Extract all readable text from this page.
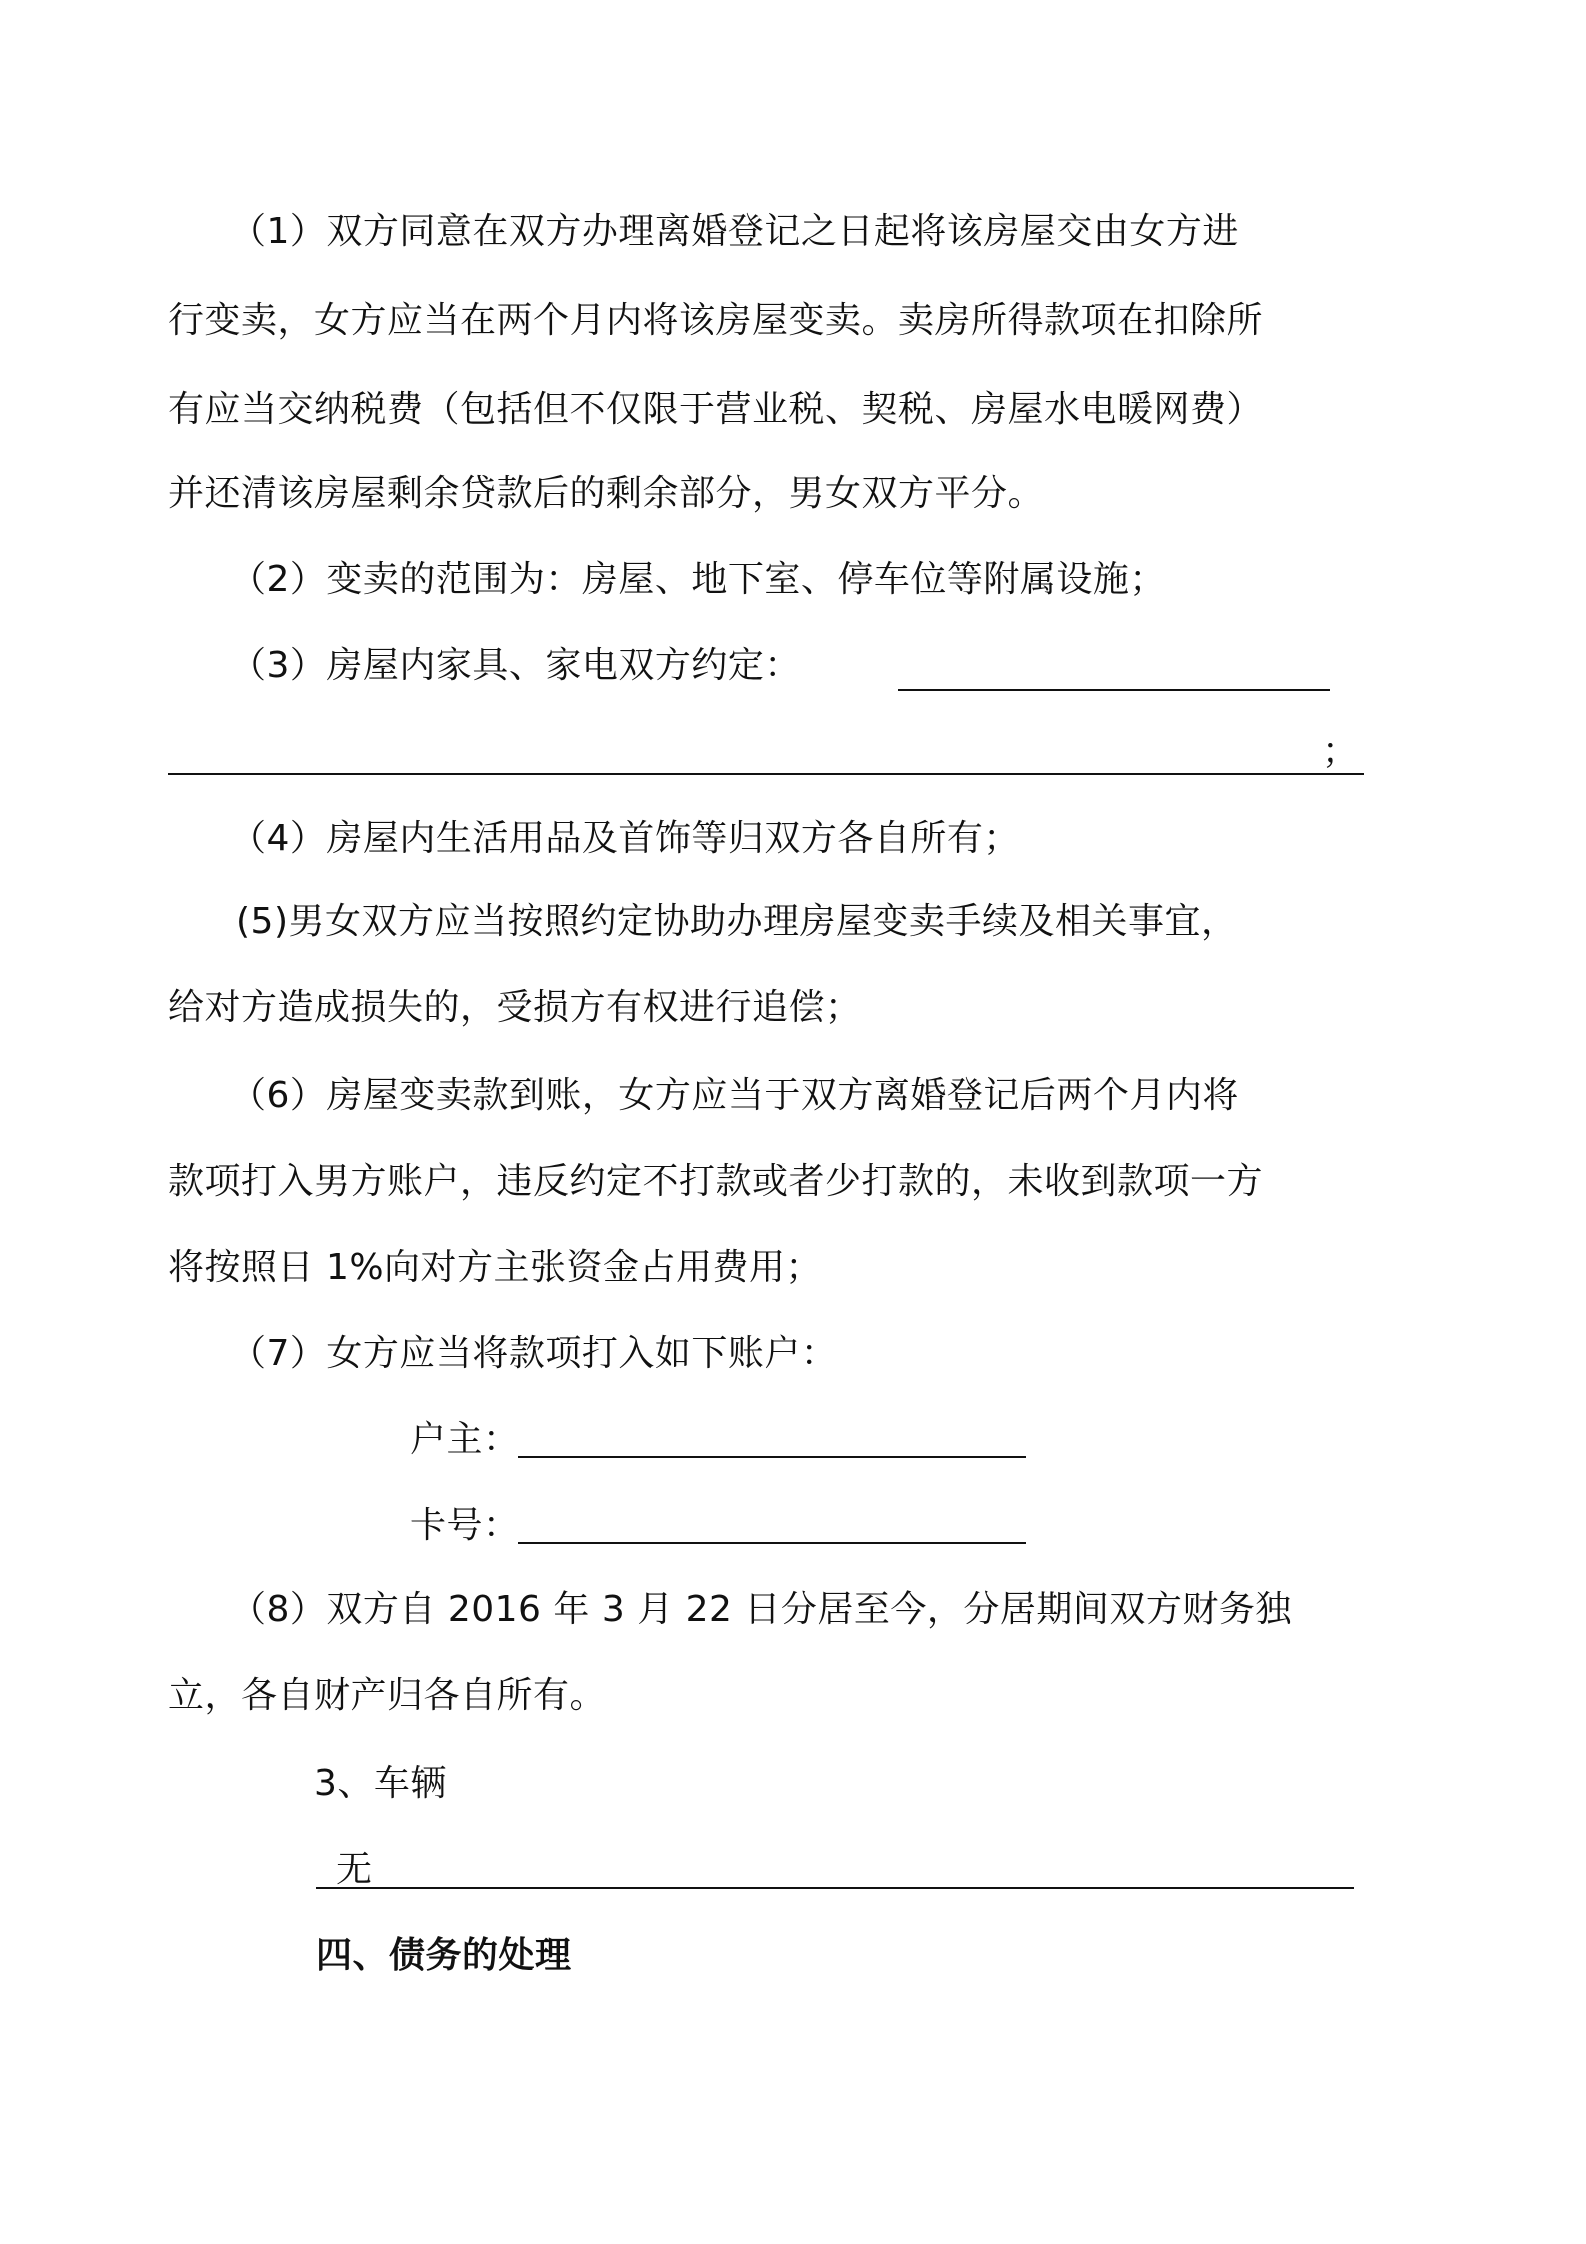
（1）双方同意在双方办理离婚登记之日起将该房屋交由女方进
行变卖，女方应当在两个月内将该房屋变卖。卖房所得款项在扣除所
有应当交纳税费（包括但不仅限于营业税、契税、房屋水电暖网费）
并还清该房屋剩余贷款后的剩余部分，男女双方平分。
（2）变卖的范围为：房屋、地下室、停车位等附属设施；
（3）房屋内家具、家电双方约定：
；
（4）房屋内生活用品及首饰等归双方各自所有；
(5)男女双方应当按照约定协助办理房屋变卖手续及相关事宜，
给对方造成损失的，受损方有权进行追偿；
（6）房屋变卖款到账，女方应当于双方离婚登记后两个月内将
款项打入男方账户，违反约定不打款或者少打款的，未收到款项一方
将按照日 1%向对方主张资金占用费用；
（7）女方应当将款项打入如下账户：
户主：
卡号：
（8）双方自 2016 年 3 月 22 日分居至今，分居期间双方财务独
立，各自财产归各自所有。
3、车辆
无
四、债务的处理
